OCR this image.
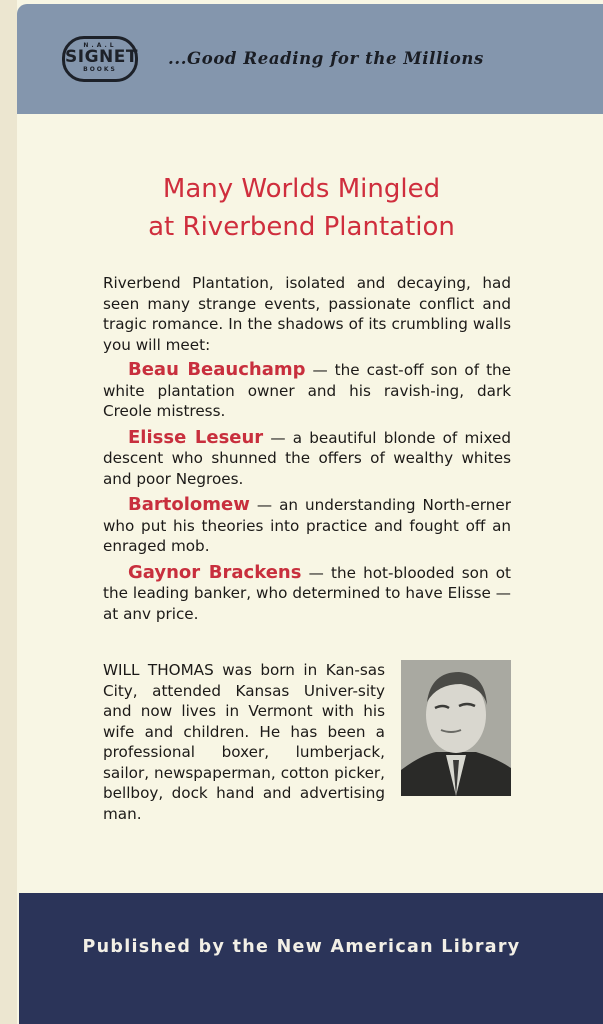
N.A.L
SIGNET
BOOKS
...Good Reading for the Millions
Many Worlds Mingled
at Riverbend Plantation
Riverbend Plantation, isolated and decaying, had seen many strange events, passionate conflict and tragic romance. In the shadows of its crumbling walls you will meet:
Beau Beauchamp — the cast-off son of the white plantation owner and his ravish-ing, dark Creole mistress.
Elisse Leseur — a beautiful blonde of mixed descent who shunned the offers of wealthy whites and poor Negroes.
Bartolomew — an understanding North-erner who put his theories into practice and fought off an enraged mob.
Gaynor Brackens — the hot-blooded son ot the leading banker, who determined to have Elisse — at anv price.
WILL THOMAS was born in Kan-sas City, attended Kansas Univer-sity and now lives in Vermont with his wife and children. He has been a professional boxer, lumberjack, sailor, newspaperman, cotton picker, bellboy, dock hand and advertising man.
Published by the New American Library
